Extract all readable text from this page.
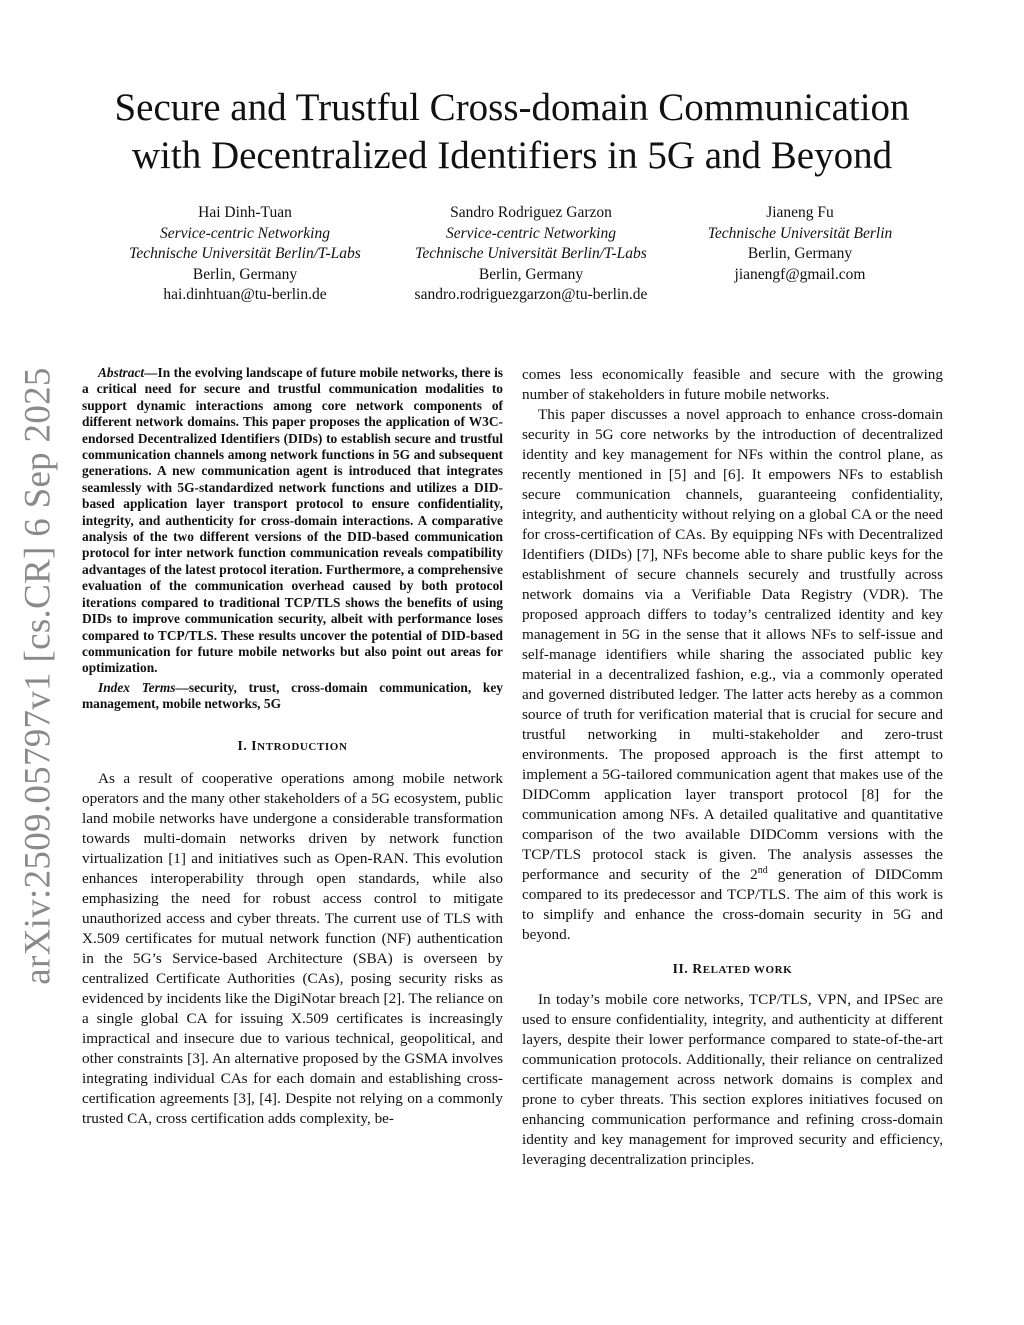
arXiv:2509.05797v1 [cs.CR] 6 Sep 2025
Secure and Trustful Cross-domain Communication
with Decentralized Identifiers in 5G and Beyond
Hai Dinh-Tuan
Service-centric Networking
Technische Universität Berlin/T-Labs
Berlin, Germany
hai.dinhtuan@tu-berlin.de
Sandro Rodriguez Garzon
Service-centric Networking
Technische Universität Berlin/T-Labs
Berlin, Germany
sandro.rodriguezgarzon@tu-berlin.de
Jianeng Fu
Technische Universität Berlin
Berlin, Germany
jianengf@gmail.com

Abstract—In the evolving landscape of future mobile networks, there is a critical need for secure and trustful communication modalities to support dynamic interactions among core network components of different network domains. This paper proposes the application of W3C-endorsed Decentralized Identifiers (DIDs) to establish secure and trustful communication channels among network functions in 5G and subsequent generations. A new communication agent is introduced that integrates seamlessly with 5G-standardized network functions and utilizes a DID-based application layer transport protocol to ensure confidentiality, integrity, and authenticity for cross-domain interactions. A comparative analysis of the two different versions of the DID-based communication protocol for inter network function communication reveals compatibility advantages of the latest protocol iteration. Furthermore, a comprehensive evaluation of the communication overhead caused by both protocol iterations compared to traditional TCP/TLS shows the benefits of using DIDs to improve communication security, albeit with performance loses compared to TCP/TLS. These results uncover the potential of DID-based communication for future mobile networks but also point out areas for optimization.

Index Terms—security, trust, cross-domain communication, key management, mobile networks, 5G

I. INTRODUCTION

As a result of cooperative operations among mobile network operators and the many other stakeholders of a 5G ecosystem, public land mobile networks have undergone a considerable transformation towards multi-domain networks driven by network function virtualization [1] and initiatives such as Open-RAN. This evolution enhances interoperability through open standards, while also emphasizing the need for robust access control to mitigate unauthorized access and cyber threats. The current use of TLS with X.509 certificates for mutual network function (NF) authentication in the 5G’s Service-based Architecture (SBA) is overseen by centralized Certificate Authorities (CAs), posing security risks as evidenced by incidents like the DigiNotar breach [2]. The reliance on a single global CA for issuing X.509 certificates is increasingly impractical and insecure due to various technical, geopolitical, and other constraints [3]. An alternative proposed by the GSMA involves integrating individual CAs for each domain and establishing cross-certification agreements [3], [4]. Despite not relying on a commonly trusted CA, cross certification adds complexity, be-

comes less economically feasible and secure with the growing number of stakeholders in future mobile networks.

This paper discusses a novel approach to enhance cross-domain security in 5G core networks by the introduction of decentralized identity and key management for NFs within the control plane, as recently mentioned in [5] and [6]. It empowers NFs to establish secure communication channels, guaranteeing confidentiality, integrity, and authenticity without relying on a global CA or the need for cross-certification of CAs. By equipping NFs with Decentralized Identifiers (DIDs) [7], NFs become able to share public keys for the establishment of secure channels securely and trustfully across network domains via a Verifiable Data Registry (VDR). The proposed approach differs to today’s centralized identity and key management in 5G in the sense that it allows NFs to self-issue and self-manage identifiers while sharing the associated public key material in a decentralized fashion, e.g., via a commonly operated and governed distributed ledger. The latter acts hereby as a common source of truth for verification material that is crucial for secure and trustful networking in multi-stakeholder and zero-trust environments. The proposed approach is the first attempt to implement a 5G-tailored communication agent that makes use of the DIDComm application layer transport protocol [8] for the communication among NFs. A detailed qualitative and quantitative comparison of the two available DIDComm versions with the TCP/TLS protocol stack is given. The analysis assesses the performance and security of the 2nd generation of DIDComm compared to its predecessor and TCP/TLS. The aim of this work is to simplify and enhance the cross-domain security in 5G and beyond.

II. RELATED WORK

In today’s mobile core networks, TCP/TLS, VPN, and IPSec are used to ensure confidentiality, integrity, and authenticity at different layers, despite their lower performance compared to state-of-the-art communication protocols. Additionally, their reliance on centralized certificate management across network domains is complex and prone to cyber threats. This section explores initiatives focused on enhancing communication performance and refining cross-domain identity and key management for improved security and efficiency, leveraging decentralization principles.
